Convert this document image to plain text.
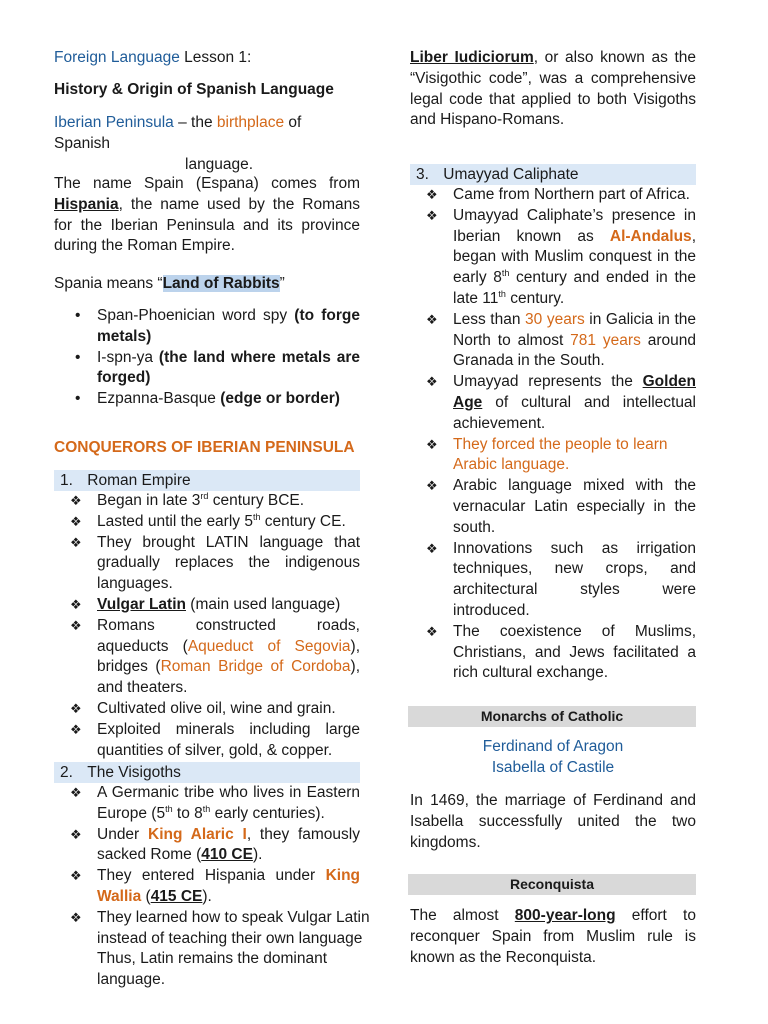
Foreign Language Lesson 1:

History & Origin of Spanish Language

Iberian Peninsula – the birthplace of Spanish

language.

The name Spain (Espana) comes from Hispania, the name used by the Romans for the Iberian Peninsula and its province during the Roman Empire.

Spania means “Land of Rabbits”

• Span-Phoenician word spy (to forge metals)
• I-spn-ya (the land where metals are forged)
• Ezpanna-Basque (edge or border)

CONQUERORS OF IBERIAN PENINSULA

1. Roman Empire
❖ Began in late 3rd century BCE.
❖ Lasted until the early 5th century CE.
❖ They brought LATIN language that gradually replaces the indigenous languages.
❖ Vulgar Latin (main used language)
❖ Romans constructed roads, aqueducts (Aqueduct of Segovia), bridges (Roman Bridge of Cordoba), and theaters.
❖ Cultivated olive oil, wine and grain.
❖ Exploited minerals including large quantities of silver, gold, & copper.
2. The Visigoths
❖ A Germanic tribe who lives in Eastern Europe (5th to 8th early centuries).
❖ Under King Alaric I, they famously sacked Rome (410 CE).
❖ They entered Hispania under King Wallia (415 CE).
❖ They learned how to speak Vulgar Latin instead of teaching their own language Thus, Latin remains the dominant language.

Liber Iudiciorum, or also known as the “Visigothic code”, was a comprehensive legal code that applied to both Visigoths and Hispano-Romans.

3. Umayyad Caliphate
❖ Came from Northern part of Africa.
❖ Umayyad Caliphate’s presence in Iberian known as Al-Andalus, began with Muslim conquest in the early 8th century and ended in the late 11th century.
❖ Less than 30 years in Galicia in the North to almost 781 years around Granada in the South.
❖ Umayyad represents the Golden Age of cultural and intellectual achievement.
❖ They forced the people to learn Arabic language.
❖ Arabic language mixed with the vernacular Latin especially in the south.
❖ Innovations such as irrigation techniques, new crops, and architectural styles were introduced.
❖ The coexistence of Muslims, Christians, and Jews facilitated a rich cultural exchange.
Monarchs of Catholic

Ferdinand of Aragon

Isabella of Castile

In 1469, the marriage of Ferdinand and Isabella successfully united the two kingdoms.

Reconquista

The almost 800-year-long effort to reconquer Spain from Muslim rule is known as the Reconquista.
